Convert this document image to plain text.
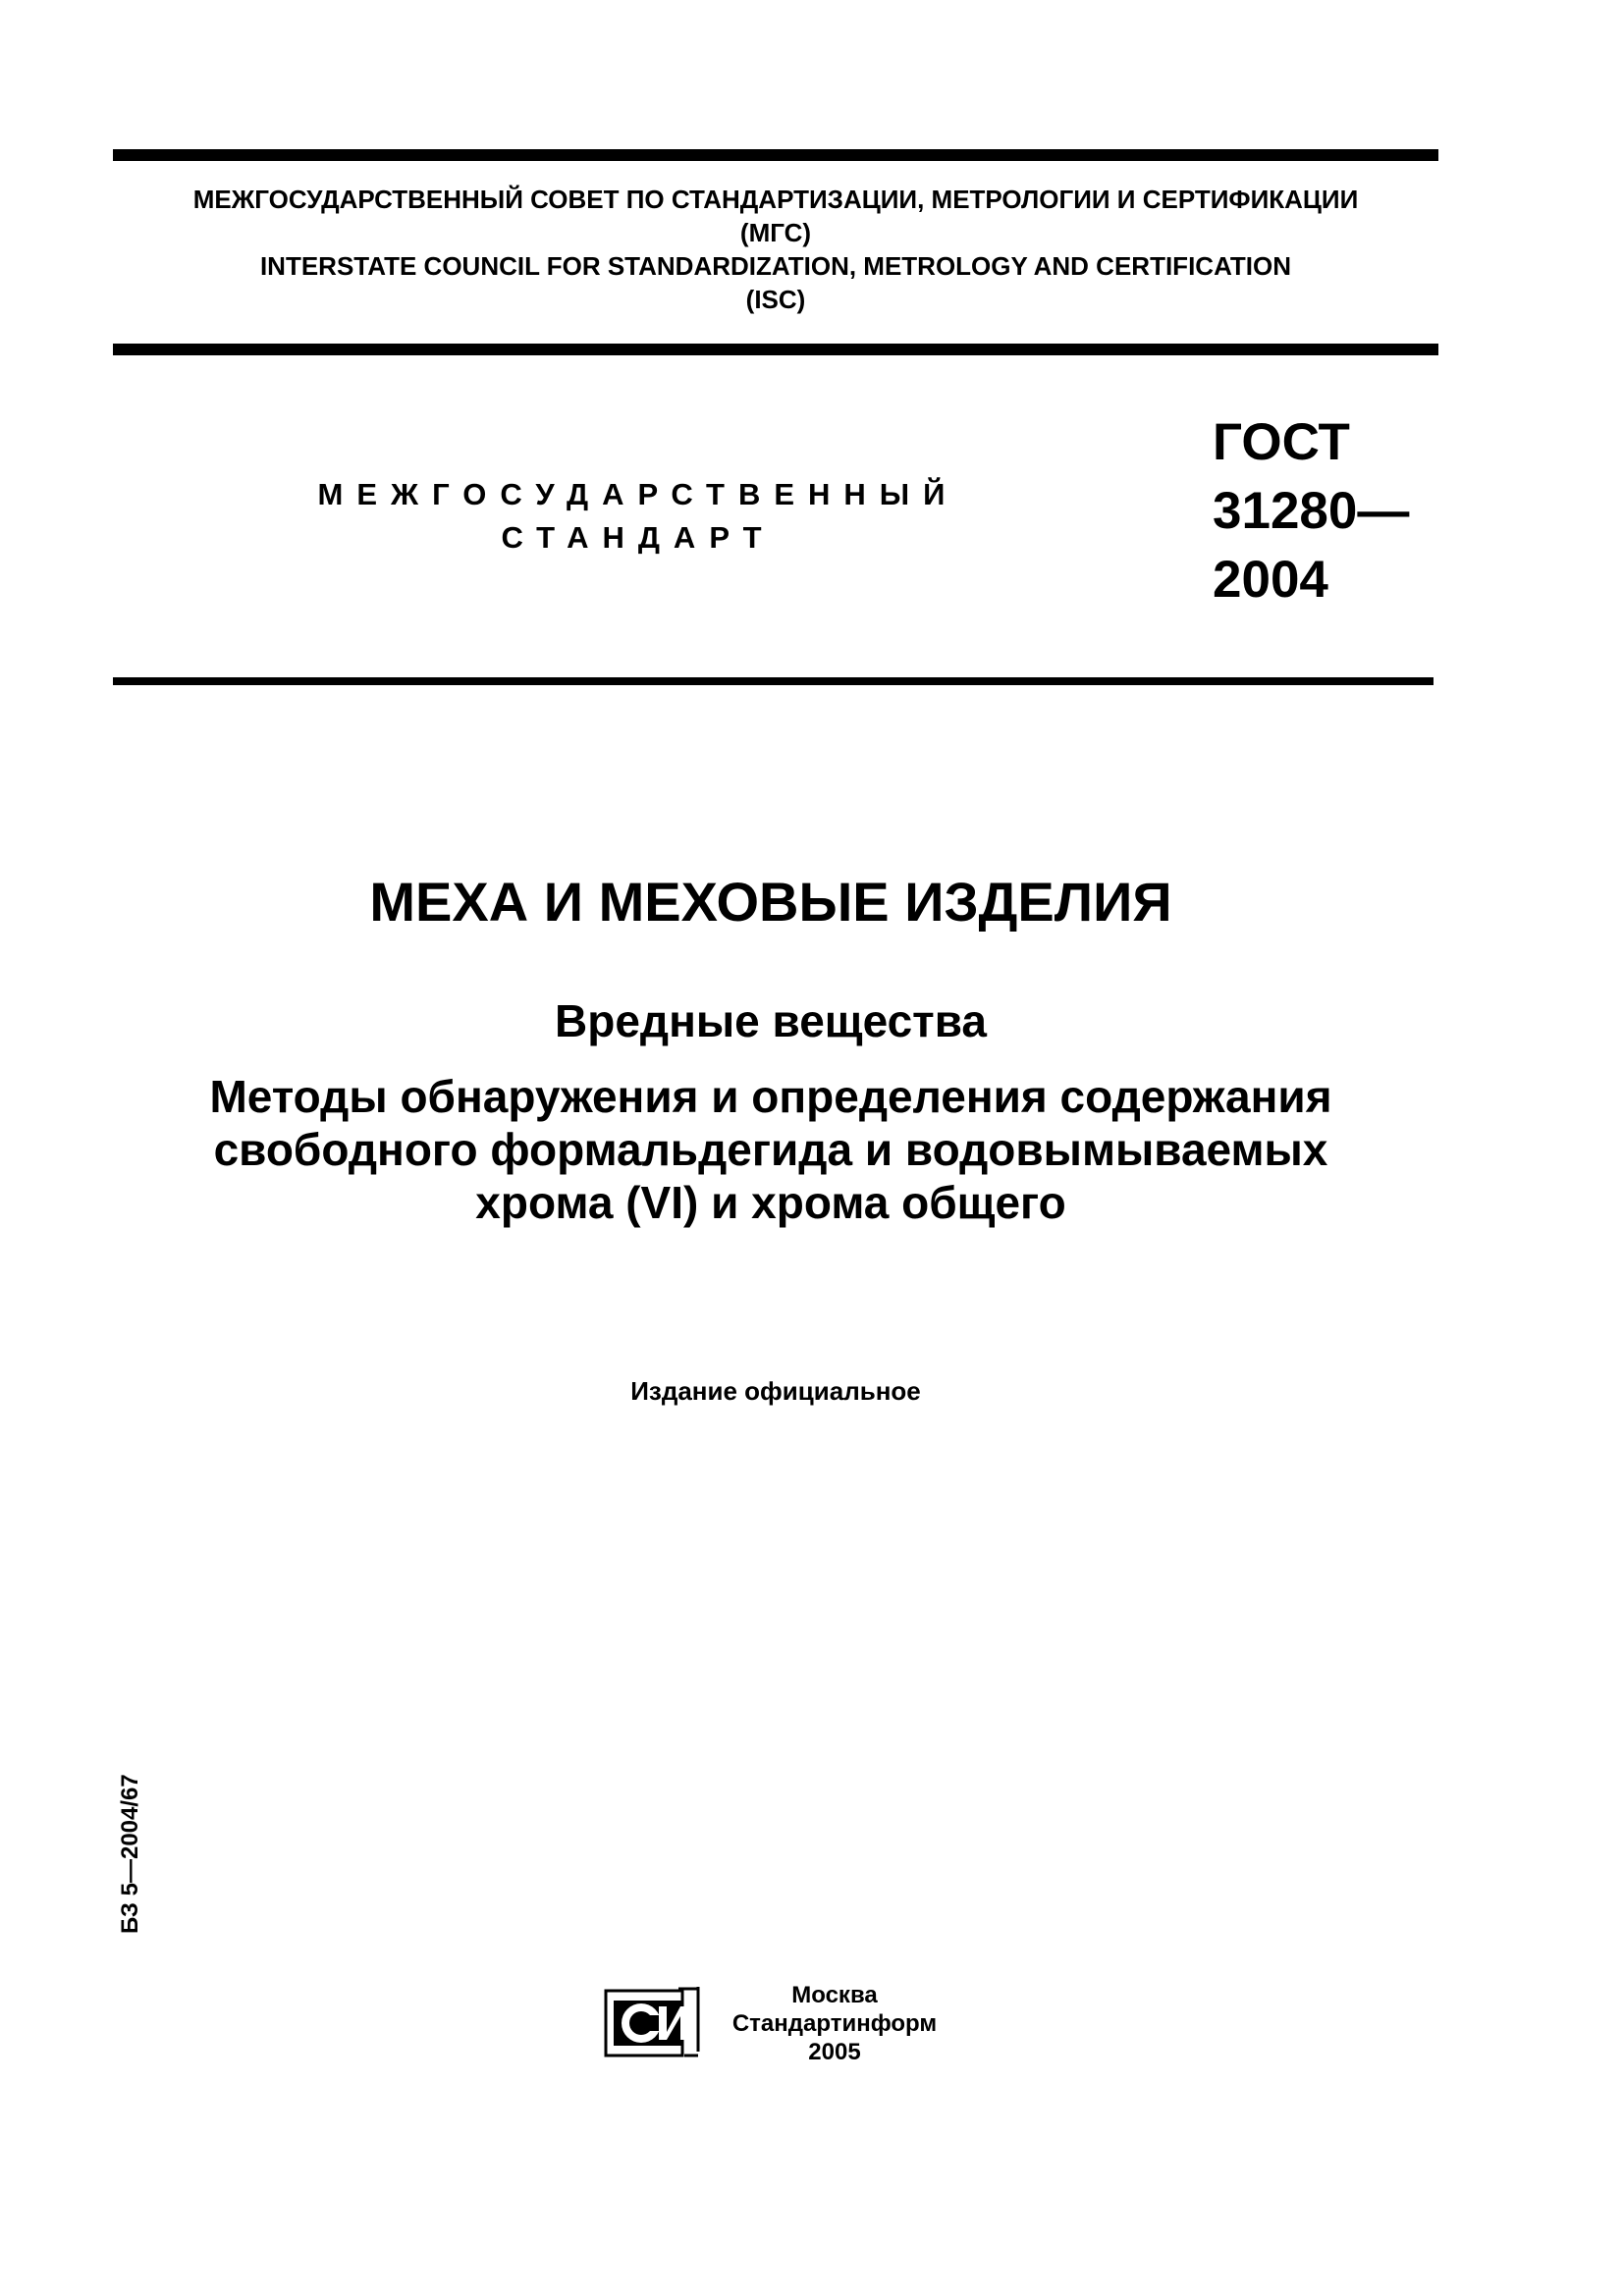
МЕЖГОСУДАРСТВЕННЫЙ СОВЕТ ПО СТАНДАРТИЗАЦИИ, МЕТРОЛОГИИ И СЕРТИФИКАЦИИ
(МГС)
INTERSTATE COUNCIL FOR STANDARDIZATION, METROLOGY AND CERTIFICATION
(ISC)
МЕЖГОСУДАРСТВЕННЫЙ
СТАНДАРТ
ГОСТ
31280—
2004
МЕХА И МЕХОВЫЕ ИЗДЕЛИЯ
Вредные вещества
Методы обнаружения и определения содержания
свободного формальдегида и водовымываемых
хрома (VI) и хрома общего
Издание официальное
БЗ 5—2004/67
Москва
Стандартинформ
2005
